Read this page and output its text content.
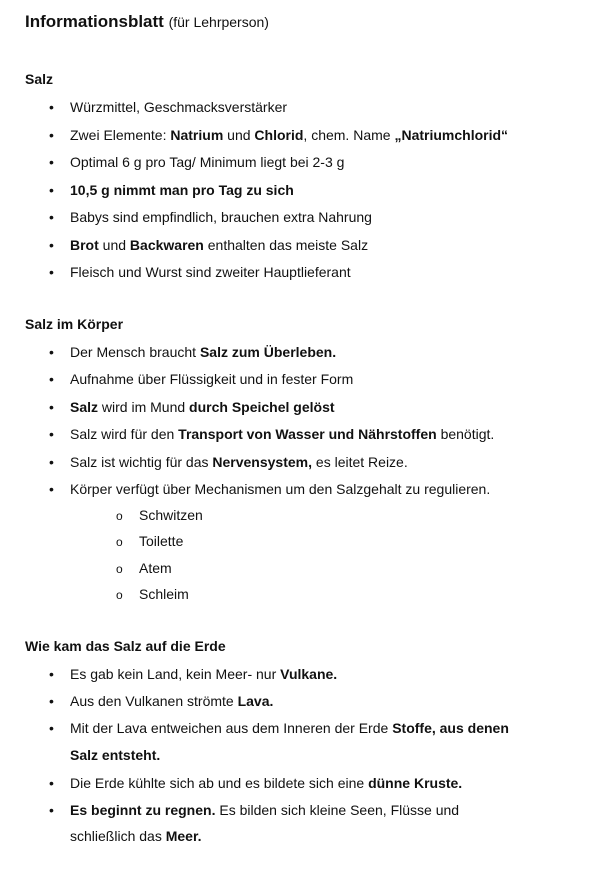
Informationsblatt (für Lehrperson)
Salz
• Würzmittel, Geschmacksverstärker
• Zwei Elemente: Natrium und Chlorid, chem. Name „Natriumchlorid“
• Optimal 6 g pro Tag/ Minimum liegt bei 2-3 g
• 10,5 g nimmt man pro Tag zu sich
• Babys sind empfindlich, brauchen extra Nahrung
• Brot und Backwaren enthalten das meiste Salz
• Fleisch und Wurst sind zweiter Hauptlieferant
Salz im Körper
• Der Mensch braucht Salz zum Überleben.
• Aufnahme über Flüssigkeit und in fester Form
• Salz wird im Mund durch Speichel gelöst
• Salz wird für den Transport von Wasser und Nährstoffen benötigt.
• Salz ist wichtig für das Nervensystem, es leitet Reize.
• Körper verfügt über Mechanismen um den Salzgehalt zu regulieren.
o Schwitzen
o Toilette
o Atem
o Schleim
Wie kam das Salz auf die Erde
• Es gab kein Land, kein Meer- nur Vulkane.
• Aus den Vulkanen strömte Lava.
• Mit der Lava entweichen aus dem Inneren der Erde Stoffe, aus denen
Salz entsteht.
• Die Erde kühlte sich ab und es bildete sich eine dünne Kruste.
• Es beginnt zu regnen. Es bilden sich kleine Seen, Flüsse und
schließlich das Meer.
